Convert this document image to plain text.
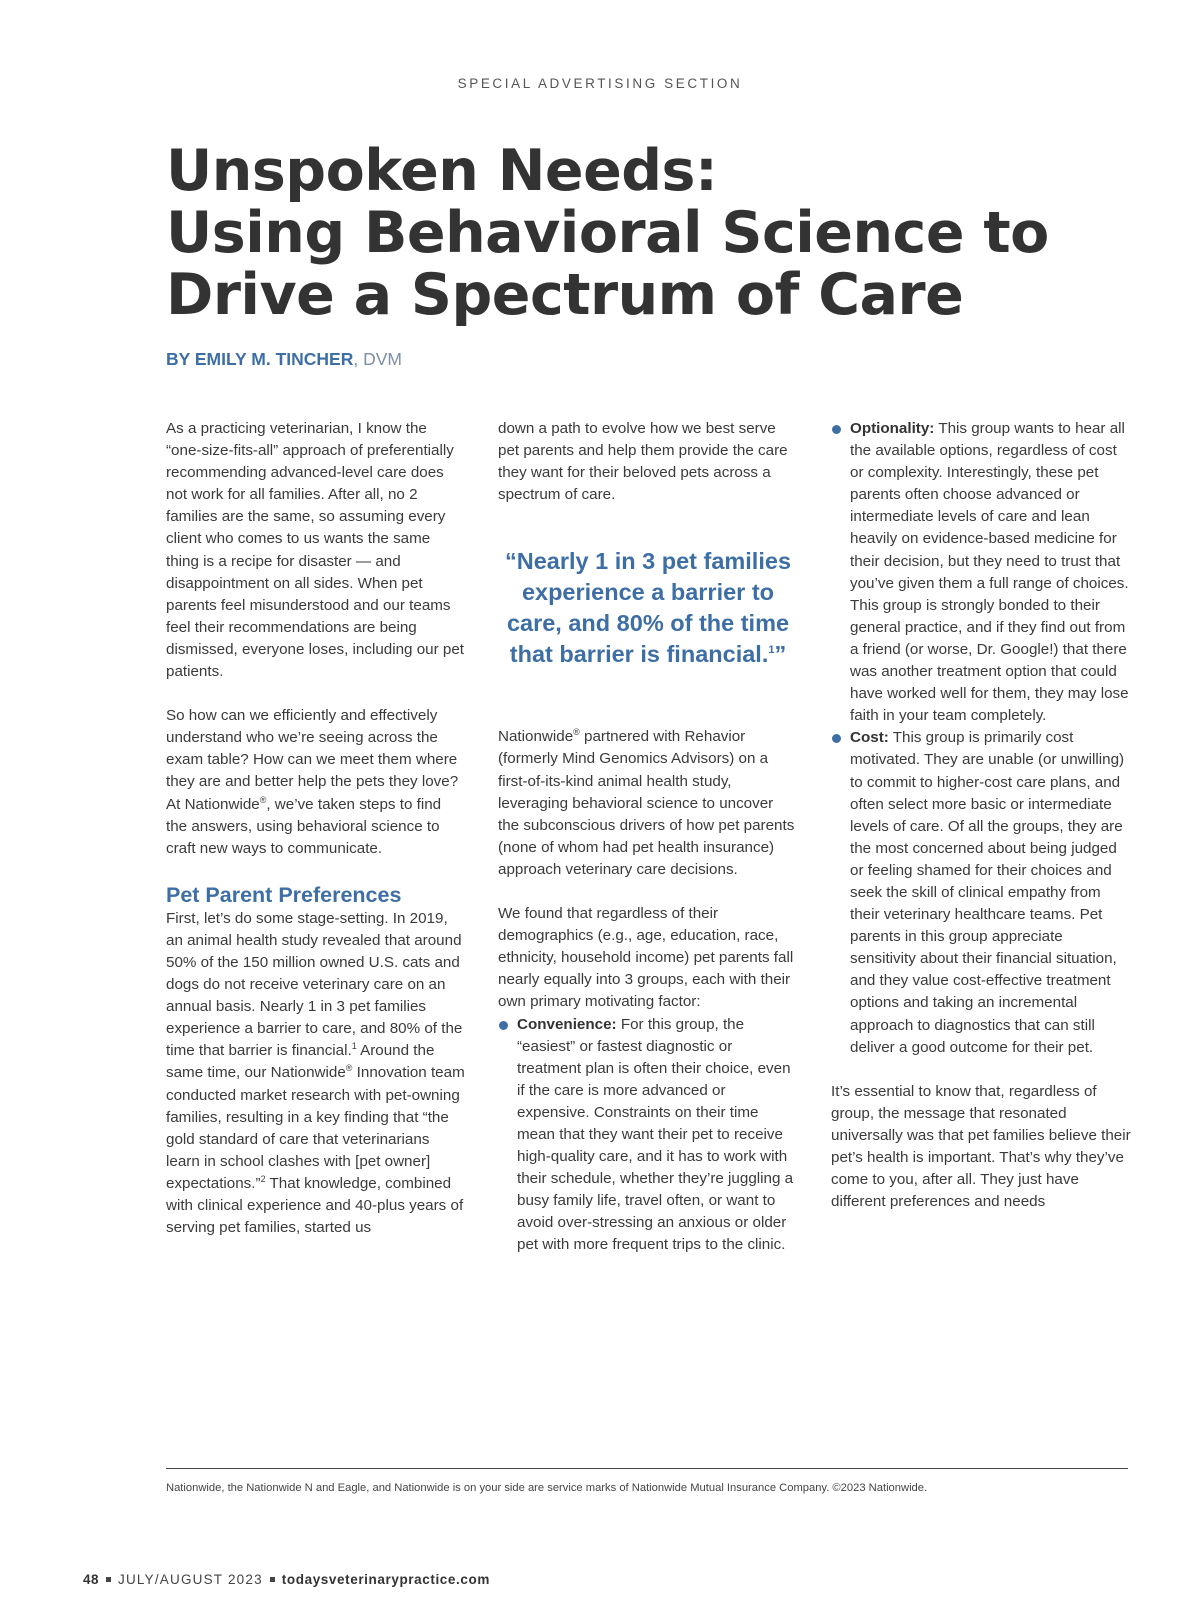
SPECIAL ADVERTISING SECTION
Unspoken Needs:
Using Behavioral Science to
Drive a Spectrum of Care
BY EMILY M. TINCHER, DVM

As a practicing veterinarian, I know the “one-size-fits-all” approach of preferentially recommending advanced-level care does not work for all families. After all, no 2 families are the same, so assuming every client who comes to us wants the same thing is a recipe for disaster — and disappointment on all sides. When pet parents feel misunderstood and our teams feel their recommendations are being dismissed, everyone loses, including our pet patients.

So how can we efficiently and effectively understand who we’re seeing across the exam table? How can we meet them where they are and better help the pets they love? At Nationwide®, we’ve taken steps to find the answers, using behavioral science to craft new ways to communicate.

Pet Parent Preferences

First, let’s do some stage-setting. In 2019, an animal health study revealed that around 50% of the 150 million owned U.S. cats and dogs do not receive veterinary care on an annual basis. Nearly 1 in 3 pet families experience a barrier to care, and 80% of the time that barrier is financial.$^1$ Around the same time, our Nationwide® Innovation team conducted market research with pet-owning families, resulting in a key finding that “the gold standard of care that veterinarians learn in school clashes with [pet owner] expectations.”$^2$ That knowledge, combined with clinical experience and 40-plus years of serving pet families, started us

down a path to evolve how we best serve pet parents and help them provide the care they want for their beloved pets across a spectrum of care.

“Nearly 1 in 3 pet families experience a barrier to care, and 80% of the time that barrier is financial.$^1$”

Nationwide® partnered with Rehavior (formerly Mind Genomics Advisors) on a first-of-its-kind animal health study, leveraging behavioral science to uncover the subconscious drivers of how pet parents (none of whom had pet health insurance) approach veterinary care decisions.

We found that regardless of their demographics (e.g., age, education, race, ethnicity, household income) pet parents fall nearly equally into 3 groups, each with their own primary motivating factor:

Convenience: For this group, the “easiest” or fastest diagnostic or treatment plan is often their choice, even if the care is more advanced or expensive. Constraints on their time mean that they want their pet to receive high-quality care, and it has to work with their schedule, whether they’re juggling a busy family life, travel often, or want to avoid over-stressing an anxious or older pet with more frequent trips to the clinic.
Optionality: This group wants to hear all the available options, regardless of cost or complexity. Interestingly, these pet parents often choose advanced or intermediate levels of care and lean heavily on evidence-based medicine for their decision, but they need to trust that you’ve given them a full range of choices. This group is strongly bonded to their general practice, and if they find out from a friend (or worse, Dr. Google!) that there was another treatment option that could have worked well for them, they may lose faith in your team completely.
Cost: This group is primarily cost motivated. They are unable (or unwilling) to commit to higher-cost care plans, and often select more basic or intermediate levels of care. Of all the groups, they are the most concerned about being judged or feeling shamed for their choices and seek the skill of clinical empathy from their veterinary healthcare teams. Pet parents in this group appreciate sensitivity about their financial situation, and they value cost-effective treatment options and taking an incremental approach to diagnostics that can still deliver a good outcome for their pet.

It’s essential to know that, regardless of group, the message that resonated universally was that pet families believe their pet’s health is important. That’s why they’ve come to you, after all. They just have different preferences and needs

Nationwide, the Nationwide N and Eagle, and Nationwide is on your side are service marks of Nationwide Mutual Insurance Company. ©2023 Nationwide.
48 JULY/AUGUST 2023 todaysveterinarypractice.com
